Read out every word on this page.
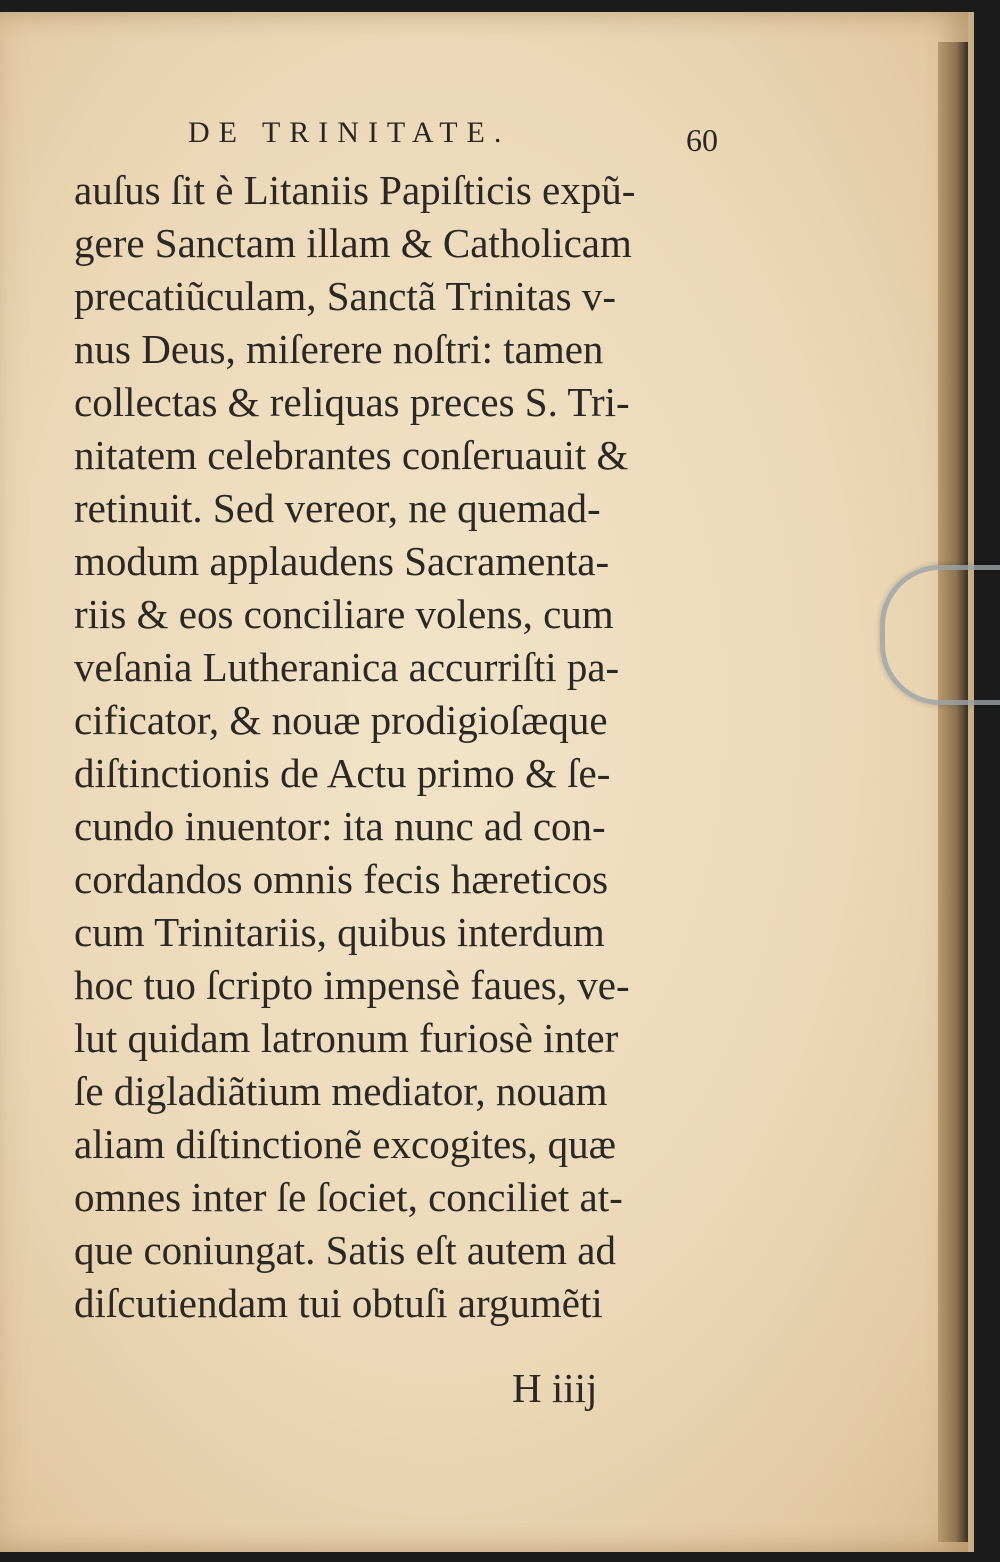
DE TRINITATE.	60
auſus ſit è Litaniis Papiſticis expũ-
gere Sanctam illam & Catholicam
precatiũculam, Sanctã Trinitas v-
nus Deus, miſerere noſtri: tamen
collectas & reliquas preces S. Tri-
nitatem celebrantes conſeruauit &
retinuit. Sed vereor, ne quemad-
modum applaudens Sacramenta-
riis & eos conciliare volens, cum
veſania Lutheranica accurriſti pa-
cificator, & nouæ prodigioſæque
diſtinctionis de Actu primo & ſe-
cundo inuentor: ita nunc ad con-
cordandos omnis fecis hæreticos
cum Trinitariis, quibus interdum
hoc tuo ſcripto impensè faues, ve-
lut quidam latronum furiosè inter
ſe digladiãtium mediator, nouam
aliam diſtinctionẽ excogites, quæ
omnes inter ſe ſociet, conciliet at-
que coniungat. Satis eſt autem ad
diſcutiendam tui obtuſi argumẽti
H iiij
